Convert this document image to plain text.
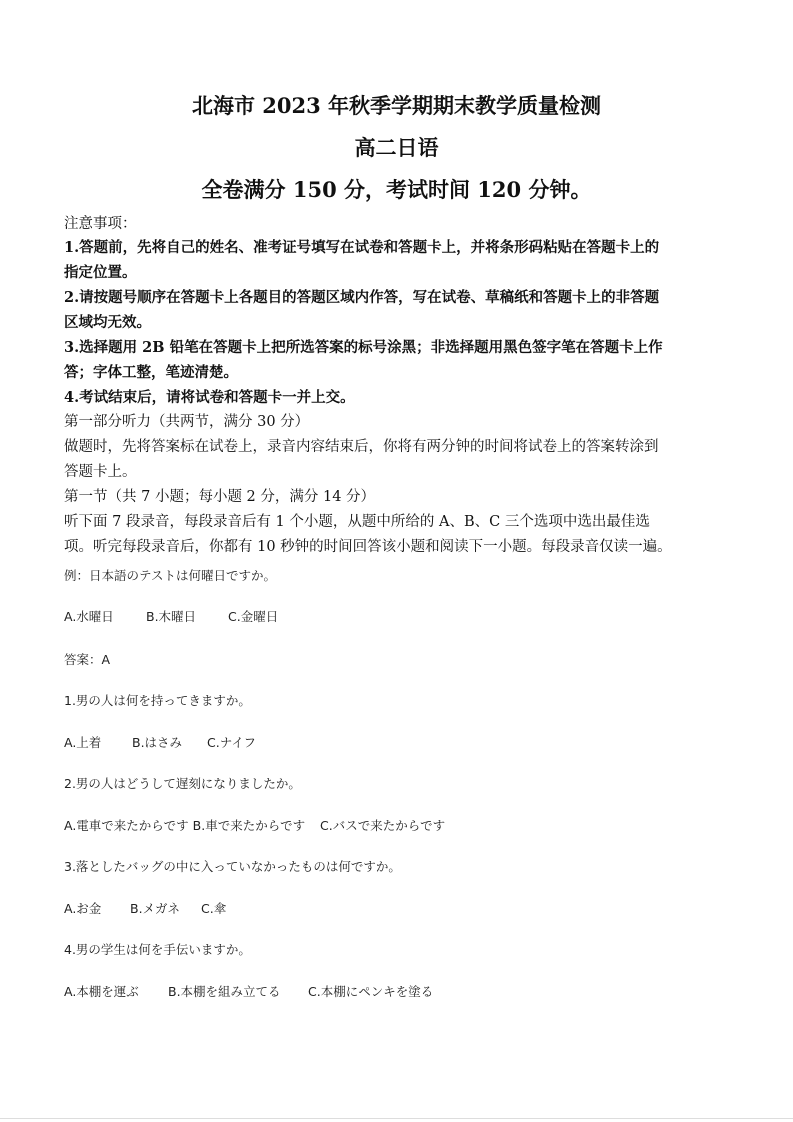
北海市 2023 年秋季学期期末教学质量检测
高二日语
全卷满分 150 分，考试时间 120 分钟。
注意事项：
1.答题前，先将自己的姓名、准考证号填写在试卷和答题卡上，并将条形码粘贴在答题卡上的
指定位置。
2.请按题号顺序在答题卡上各题目的答题区域内作答，写在试卷、草稿纸和答题卡上的非答题
区域均无效。
3.选择题用 2B 铅笔在答题卡上把所选答案的标号涂黑；非选择题用黑色签字笔在答题卡上作
答；字体工整，笔迹清楚。
4.考试结束后，请将试卷和答题卡一并上交。
第一部分听力（共两节，满分 30 分）
做题时，先将答案标在试卷上，录音内容结束后，你将有两分钟的时间将试卷上的答案转涂到
答题卡上。
第一节（共 7 小题；每小题 2 分，满分 14 分）
听下面 7 段录音，每段录音后有 1 个小题，从题中所给的 A、B、C 三个选项中选出最佳选
项。听完每段录音后，你都有 10 秒钟的时间回答该小题和阅读下一小题。每段录音仅读一遍。
例：日本語のテストは何曜日ですか。
A.水曜日	B.木曜日	C.金曜日
答案：A
1.男の人は何を持ってきますか。
A.上着 B.はさみ C.ナイフ
2.男の人はどうして遅刻になりましたか。
A.電車で来たからです B.車で来たからです C.バスで来たからです
3.落としたバッグの中に入っていなかったものは何ですか。
A.お金 B.メガネ C.傘
4.男の学生は何を手伝いますか。
A.本棚を運ぶ B.本棚を組み立てる C.本棚にペンキを塗る
